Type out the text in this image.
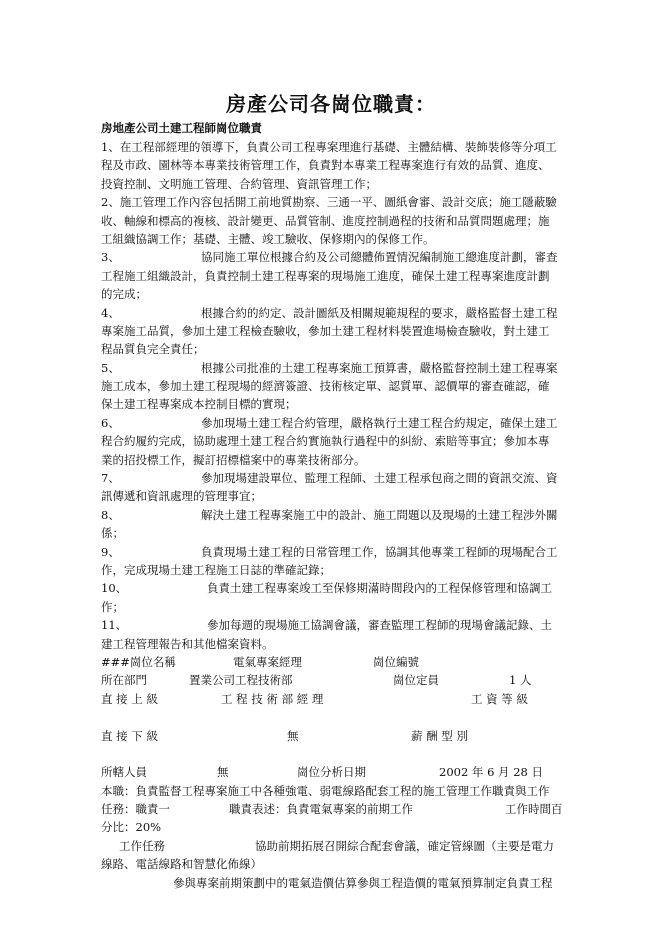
房產公司各崗位職責：
房地產公司土建工程師崗位職責
1、在工程部經理的領導下，負責公司工程專案理進行基礎、主體結構、裝飾裝修等分項工
程及市政、園林等本專業技術管理工作，負責對本專業工程專案進行有效的品質、進度、
投資控制、文明施工管理、合約管理、資訊管理工作；
2、施工管理工作內容包括開工前地質勘察、三通一平、圖紙會審、設計交底；施工隱蔽驗
收、軸線和標高的複核、設計變更、品質管制、進度控制過程的技術和品質問題處理；施
工組織協調工作；基礎、主體、竣工驗收、保修期內的保修工作。
3、	協同施工單位根據合約及公司總體佈置情況編制施工總進度計劃，審查
工程施工組織設計，負責控制土建工程專案的現場施工進度，確保土建工程專案進度計劃
的完成；
4、	根據合約的約定、設計圖紙及相關規範規程的要求，嚴格監督土建工程
專案施工品質，參加土建工程檢查驗收，參加土建工程材料裝置進場檢查驗收，對土建工
程品質負完全責任；
5、	根據公司批准的土建工程專案施工預算書，嚴格監督控制土建工程專案
施工成本，參加土建工程現場的經濟簽證、技術核定單、認質單、認價單的審查確認，確
保土建工程專案成本控制目標的實現；
6、	參加現場土建工程合約管理，嚴格執行土建工程合約規定，確保土建工
程合約履約完成，協助處理土建工程合約實施執行過程中的糾紛、索賠等事宜；參加本專
業的招投標工作，擬訂招標檔案中的專業技術部分。
7、	參加現場建設單位、監理工程師、土建工程承包商之間的資訊交流、資
訊傳遞和資訊處理的管理事宜；
8、	解決土建工程專案施工中的設計、施工問題以及現場的土建工程涉外關
係；
9、	負責現場土建工程的日常管理工作，協調其他專業工程師的現場配合工
作，完成現場土建工程施工日誌的準確記錄；
10、	負責土建工程專案竣工至保修期滿時間段內的工程保修管理和協調工
作；
11、	參加每週的現場施工協調會議，審查監理工程師的現場會議記錄、土
建工程管理報告和其他檔案資料。
###崗位名稱	電氣專案經理	崗位編號
所在部門	置業公司工程技術部	崗位定員	1 人
直 接 上 級	工 程 技 術 部 經 理	工 資 等 級
直 接 下 級	無	薪 酬 型 別
所轄人員	無	崗位分析日期	2002 年 6 月 28 日
本職：負責監督工程專案施工中各種強電、弱電線路配套工程的施工管理工作職責與工作
任務：職責一	職責表述：負責電氣專案的前期工作	工作時間百
分比：20%
工作任務	協助前期拓展召開綜合配套會議，確定管線圖（主要是電力
線路、電話線路和智慧化佈線）
參與專案前期策劃中的電氣造價估算參與工程造價的電氣預算制定負責工程
